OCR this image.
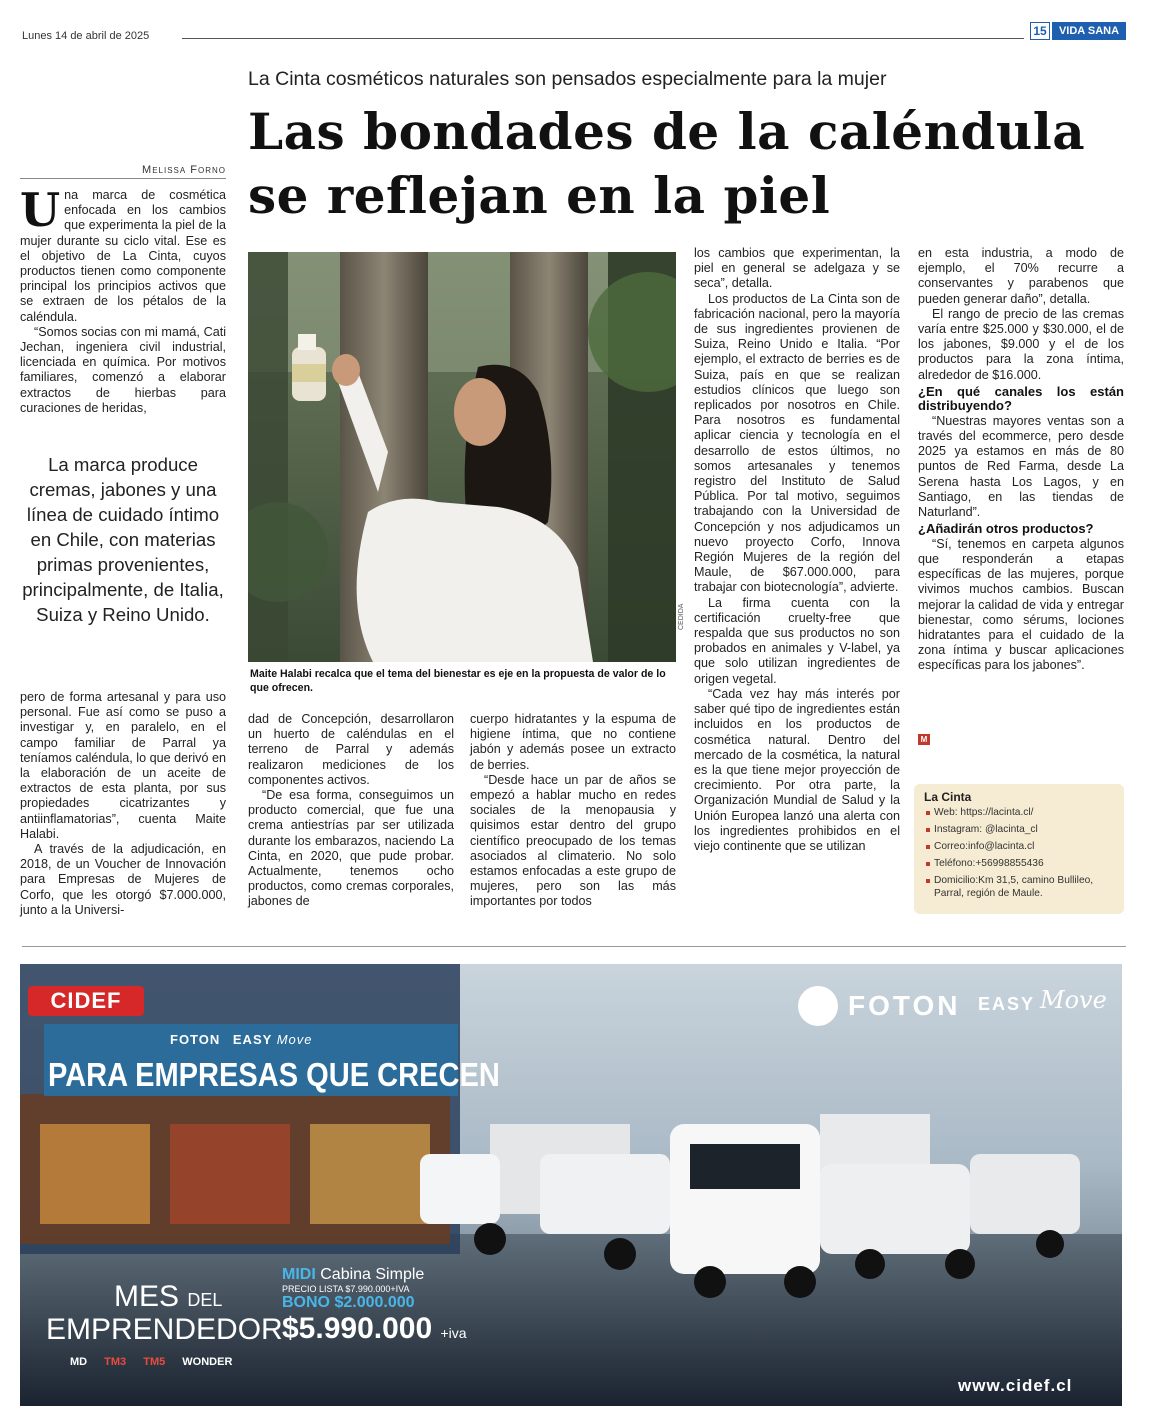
Lunes 14 de abril de 2025	15	VIDA SANA
La Cinta cosméticos naturales son pensados especialmente para la mujer
Las bondades de la caléndula
se reflejan en la piel
Melissa Forno
U na marca de cosmética enfocada en los cambios que experimenta la piel de la mujer durante su ciclo vital. Ese es el objetivo de La Cinta, cuyos productos tienen como componente principal los principios activos que se extraen de los pétalos de la caléndula.

“Somos socias con mi mamá, Cati Jechan, ingeniera civil industrial, licenciada en química. Por motivos familiares, comenzó a elaborar extractos de hierbas para curaciones de heridas,

La marca produce cremas, jabones y una línea de cuidado íntimo en Chile, con materias primas provenientes, principalmente, de Italia, Suiza y Reino Unido.

pero de forma artesanal y para uso personal. Fue así como se puso a investigar y, en paralelo, en el campo familiar de Parral ya teníamos caléndula, lo que derivó en la elaboración de un aceite de extractos de esta planta, por sus propiedades cicatrizantes y antiinflamatorias”, cuenta Maite Halabi.

A través de la adjudicación, en 2018, de un Voucher de Innovación para Empresas de Mujeres de Corfo, que les otorgó $7.000.000, junto a la Universi-

Maite Halabi recalca que el tema del bienestar es eje en la propuesta de valor de lo que ofrecen.
CEDIDA

dad de Concepción, desarrollaron un huerto de caléndulas en el terreno de Parral y además realizaron mediciones de los componentes activos.

“De esa forma, conseguimos un producto comercial, que fue una crema antiestrías par ser utilizada durante los embarazos, naciendo La Cinta, en 2020, que pude probar. Actualmente, tenemos ocho productos, como cremas corporales, jabones de

cuerpo hidratantes y la espuma de higiene íntima, que no contiene jabón y además posee un extracto de berries.

“Desde hace un par de años se empezó a hablar mucho en redes sociales de la menopausia y quisimos estar dentro del grupo científico preocupado de los temas asociados al climaterio. No solo estamos enfocadas a este grupo de mujeres, pero son las más importantes por todos

los cambios que experimentan, la piel en general se adelgaza y se seca”, detalla.

Los productos de La Cinta son de fabricación nacional, pero la mayoría de sus ingredientes provienen de Suiza, Reino Unido e Italia. “Por ejemplo, el extracto de berries es de Suiza, país en que se realizan estudios clínicos que luego son replicados por nosotros en Chile. Para nosotros es fundamental aplicar ciencia y tecnología en el desarrollo de estos últimos, no somos artesanales y tenemos registro del Instituto de Salud Pública. Por tal motivo, seguimos trabajando con la Universidad de Concepción y nos adjudicamos un nuevo proyecto Corfo, Innova Región Mujeres de la región del Maule, de $67.000.000, para trabajar con biotecnología”, advierte.

La firma cuenta con la certificación cruelty-free que respalda que sus productos no son probados en animales y V-label, ya que solo utilizan ingredientes de origen vegetal.

“Cada vez hay más interés por saber qué tipo de ingredientes están incluidos en los productos de cosmética natural. Dentro del mercado de la cosmética, la natural es la que tiene mejor proyección de crecimiento. Por otra parte, la Organización Mundial de Salud y la Unión Europea lanzó una alerta con los ingredientes prohibidos en el viejo continente que se utilizan

en esta industria, a modo de ejemplo, el 70% recurre a conservantes y parabenos que pueden generar daño”, detalla.

El rango de precio de las cremas varía entre $25.000 y $30.000, el de los jabones, $9.000 y el de los productos para la zona íntima, alrededor de $16.000.

¿En qué canales los están distribuyendo?

“Nuestras mayores ventas son a través del ecommerce, pero desde 2025 ya estamos en más de 80 puntos de Red Farma, desde La Serena hasta Los Lagos, y en Santiago, en las tiendas de Naturland”.

¿Añadirán otros productos?

“Sí, tenemos en carpeta algunos que responderán a etapas específicas de las mujeres, porque vivimos muchos cambios. Buscan mejorar la calidad de vida y entregar bienestar, como sérums, lociones hidratantes para el cuidado de la zona íntima y buscar aplicaciones específicas para los jabones”.

M
La Cinta
Web: https://lacinta.cl/
Instagram: @lacinta_cl
Correo:info@lacinta.cl
Teléfono:+56998855436
Domicilio:Km 31,5, camino Bullileo, Parral, región de Maule.
CIDEF	FOTON EASY Move
FOTON EASY Move
PARA EMPRESAS QUE CRECEN
MES DEL
EMPRENDEDOR
MD TM3 TM5 WONDER
MIDI Cabina Simple
PRECIO LISTA $7.990.000+IVA
BONO $2.000.000
$5.990.000 +iva
www.cidef.cl
